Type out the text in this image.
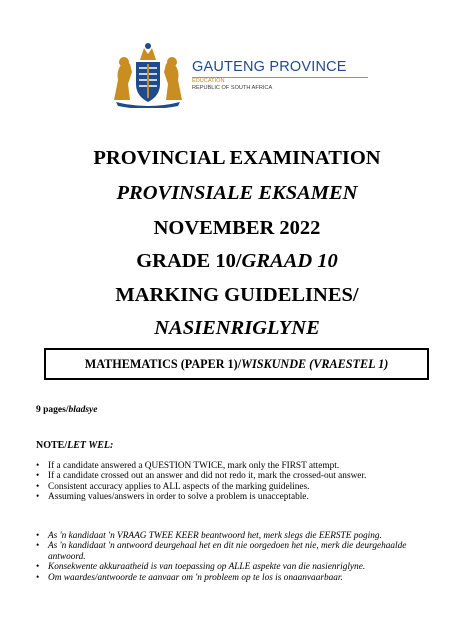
GAUTENG PROVINCE
EDUCATION
REPUBLIC OF SOUTH AFRICA
PROVINCIAL EXAMINATION
PROVINSIALE EKSAMEN
NOVEMBER 2022
GRADE 10/GRAAD 10
MARKING GUIDELINES/
NASIENRIGLYNE
MATHEMATICS (PAPER 1)/WISKUNDE (VRAESTEL 1)
9 pages/bladsye
NOTE/LET WEL:
• If a candidate answered a QUESTION TWICE, mark only the FIRST attempt.
• If a candidate crossed out an answer and did not redo it, mark the crossed-out answer.
• Consistent accuracy applies to ALL aspects of the marking guidelines.
• Assuming values/answers in order to solve a problem is unacceptable.
• As 'n kandidaat 'n VRAAG TWEE KEER beantwoord het, merk slegs die EERSTE poging.
• As 'n kandidaat 'n antwoord deurgehaal het en dit nie oorgedoen het nie, merk die deurgehaalde
antwoord.
• Konsekwente akkuraatheid is van toepassing op ALLE aspekte van die nasienriglyne.
• Om waardes/antwoorde te aanvaar om 'n probleem op te los is onaanvaarbaar.
